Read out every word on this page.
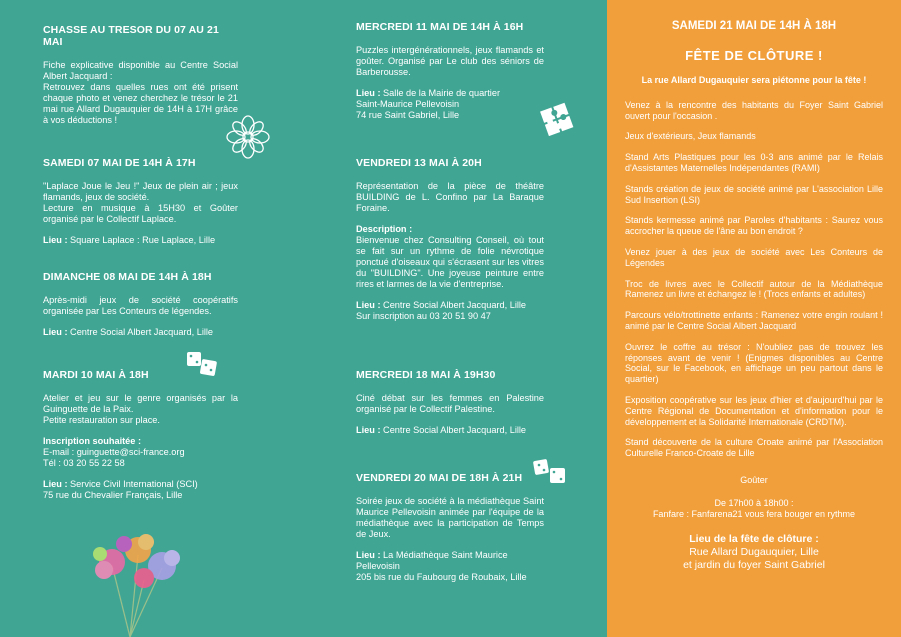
CHASSE AU TRESOR DU 07 AU 21 MAI

Fiche explicative disponible au Centre Social Albert Jacquard :

Retrouvez dans quelles rues ont été prisent chaque photo et venez cherchez le trésor le 21 mai rue Allard Dugauquier de 14H à 17H grâce à vos déductions !

SAMEDI 07 MAI DE 14H À 17H

"Laplace Joue le Jeu !" Jeux de plein air ; jeux flamands, jeux de société.

Lecture en musique à 15H30 et Goûter organisé par le Collectif Laplace.

Lieu : Square Laplace : Rue Laplace, Lille

DIMANCHE 08 MAI DE 14H À 18H

Après-midi jeux de société coopératifs organisée par Les Conteurs de légendes.

Lieu : Centre Social Albert Jacquard, Lille

MARDI 10 MAI À 18H

Atelier et jeu sur le genre organisés par la Guinguette de la Paix.

Petite restauration sur place.

Inscription souhaitée :

E-mail : guinguette@sci-france.org

Tél : 03 20 55 22 58

Lieu : Service Civil International (SCI)

75 rue du Chevalier Français, Lille

MERCREDI 11 MAI DE 14H À 16H

Puzzles intergénérationnels, jeux flamands et goûter. Organisé par Le club des séniors de Barberousse.

Lieu : Salle de la Mairie de quartier

Saint-Maurice Pellevoisin

74 rue Saint Gabriel, Lille

VENDREDI 13 MAI À 20H

Représentation de la pièce de théâtre BUILDING de L. Confino par La Baraque Foraine.

Description :

Bienvenue chez Consulting Conseil, où tout se fait sur un rythme de folie névrotique ponctué d'oiseaux qui s'écrasent sur les vitres du "BUILDING". Une joyeuse peinture entre rires et larmes de la vie d'entreprise.

Lieu : Centre Social Albert Jacquard, Lille

Sur inscription au 03 20 51 90 47

MERCREDI 18 MAI À 19H30

Ciné débat sur les femmes en Palestine organisé par le Collectif Palestine.

Lieu : Centre Social Albert Jacquard, Lille

VENDREDI 20 MAI DE 18H À 21H

Soirée jeux de société à la médiathèque Saint Maurice Pellevoisin animée par l'équipe de la médiathèque avec la participation de Temps de Jeux.

Lieu : La Médiathèque Saint Maurice Pellevoisin

205 bis rue du Faubourg de Roubaix, Lille

SAMEDI 21 MAI DE 14H À 18H
FÊTE DE CLÔTURE !

La rue Allard Dugauquier sera piétonne pour la fête !

Venez à la rencontre des habitants du Foyer Saint Gabriel ouvert pour l'occasion .

Jeux d'extérieurs, Jeux flamands

Stand Arts Plastiques pour les 0-3 ans animé par le Relais d'Assistantes Maternelles Indépendantes (RAMI)

Stands création de jeux de société animé par L'association Lille Sud Insertion (LSI)

Stands kermesse animé par Paroles d'habitants : Saurez vous accrocher la queue de l'âne au bon endroit ?

Venez jouer à des jeux de société avec Les Conteurs de Légendes

Troc de livres avec le Collectif autour de la Médiathèque Ramenez un livre et échangez le ! (Trocs enfants et adultes)

Parcours vélo/trottinette enfants : Ramenez votre engin roulant ! animé par le Centre Social Albert Jacquard

Ouvrez le coffre au trésor : N'oubliez pas de trouvez les réponses avant de venir ! (Enigmes disponibles au Centre Social, sur le Facebook, en affichage un peu partout dans le quartier)

Exposition coopérative sur les jeux d'hier et d'aujourd'hui par le Centre Régional de Documentation et d'information pour le développement et la Solidarité Internationale (CRDTM).

Stand découverte de la culture Croate animé par l'Association Culturelle Franco-Croate de Lille

Goûter

De 17h00 à 18h00 :

Fanfare : Fanfarena21 vous fera bouger en rythme

Lieu de la fête de clôture :
Rue Allard Dugauquier, Lille
et jardin du foyer Saint Gabriel
